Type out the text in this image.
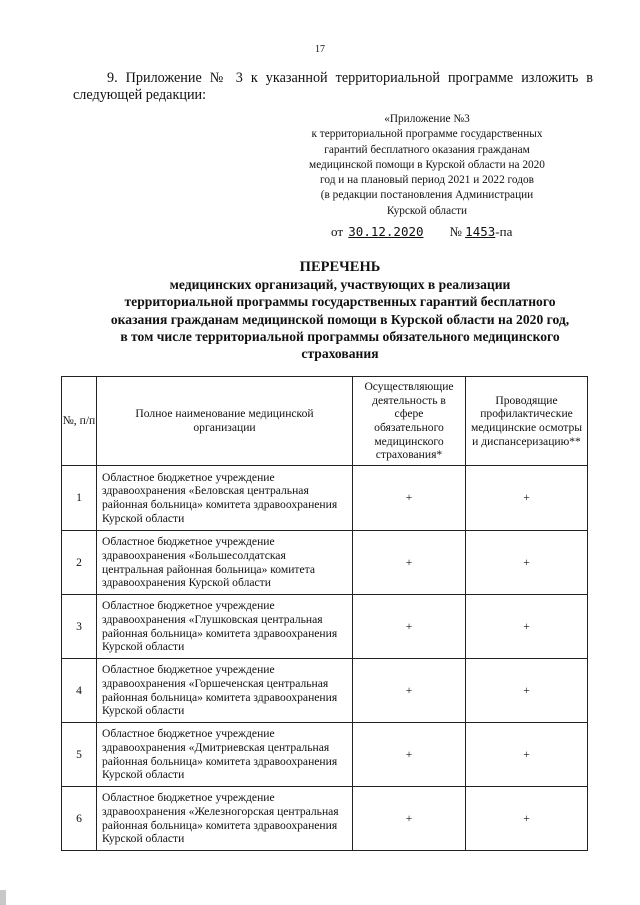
17
9. Приложение № 3 к указанной территориальной программе изложить в
следующей редакции:
«Приложение №3
к территориальной программе государственных
гарантий бесплатного оказания гражданам
медицинской помощи в Курской области на 2020
год и на плановый период 2021 и 2022 годов
(в редакции постановления Администрации
Курской области
от 30.12.2020 № 1453-па
ПЕРЕЧЕНЬ
медицинских организаций, участвующих в реализации
территориальной программы государственных гарантий бесплатного
оказания гражданам медицинской помощи в Курской области на 2020 год,
в том числе территориальной программы обязательного медицинского
страхования
№, п/п	Полное наименование медицинской организации	Осуществляющие деятельность в сфере обязательного медицинского страхования*	Проводящие профилактические медицинские осмотры и диспансеризацию**
1	Областное бюджетное учреждение здравоохранения «Беловская центральная районная больница» комитета здравоохранения Курской области	+	+
2	Областное бюджетное учреждение здравоохранения «Большесолдатская центральная районная больница» комитета здравоохранения Курской области	+	+
3	Областное бюджетное учреждение здравоохранения «Глушковская центральная районная больница» комитета здравоохранения Курской области	+	+
4	Областное бюджетное учреждение здравоохранения «Горшеченская центральная районная больница» комитета здравоохранения Курской области	+	+
5	Областное бюджетное учреждение здравоохранения «Дмитриевская центральная районная больница» комитета здравоохранения Курской области	+	+
6	Областное бюджетное учреждение здравоохранения «Железногорская центральная районная больница» комитета здравоохранения Курской области	+	+
